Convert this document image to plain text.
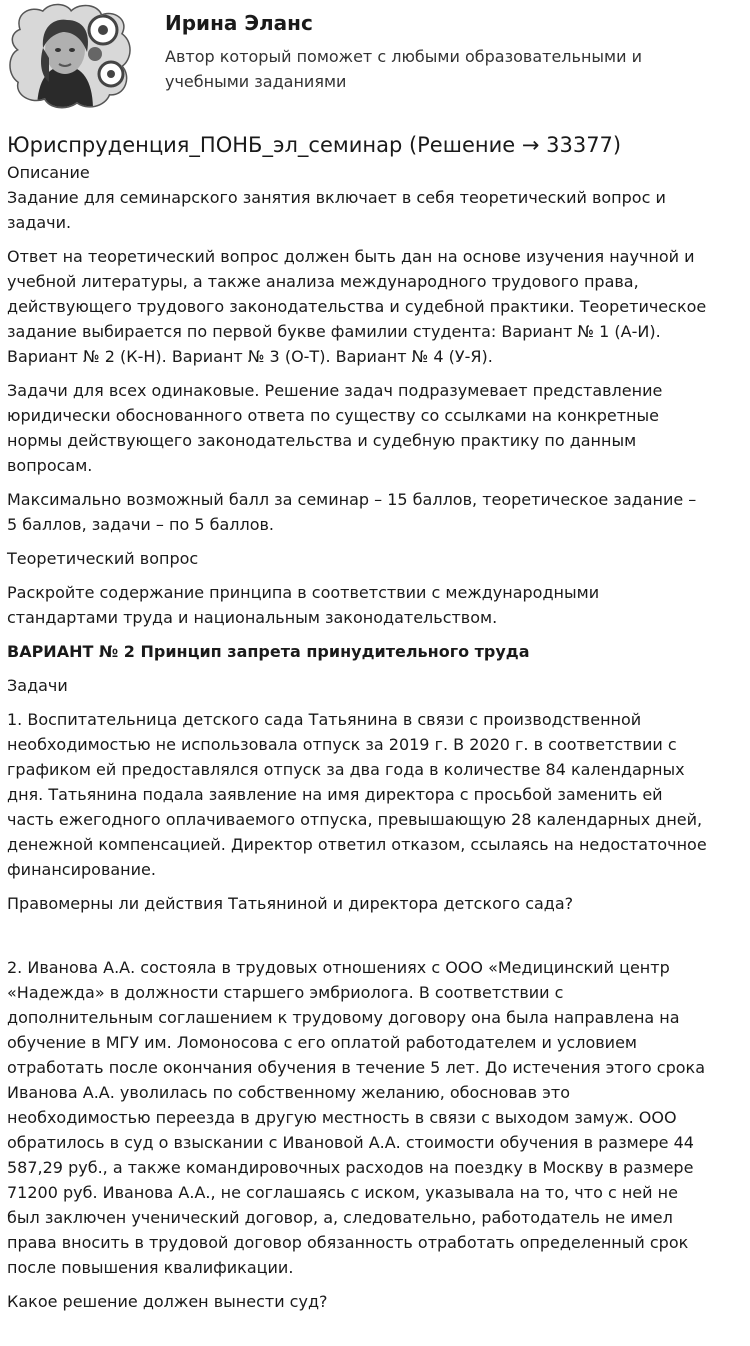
Ирина Эланс
Автор который поможет с любыми образовательными и
учебными заданиями
Юриспруденция_ПОНБ_эл_семинар (Решение → 33377)

Описание

Задание для семинарского занятия включает в себя теоретический вопрос и
задачи.

Ответ на теоретический вопрос должен быть дан на основе изучения научной и
учебной литературы, а также анализа международного трудового права,
действующего трудового законодательства и судебной практики. Теоретическое
задание выбирается по первой букве фамилии студента: Вариант № 1 (А-И).
Вариант № 2 (К-Н). Вариант № 3 (О-Т). Вариант № 4 (У-Я).

Задачи для всех одинаковые. Решение задач подразумевает представление
юридически обоснованного ответа по существу со ссылками на конкретные
нормы действующего законодательства и судебную практику по данным
вопросам.

Максимально возможный балл за семинар – 15 баллов, теоретическое задание –
5 баллов, задачи – по 5 баллов.

Теоретический вопрос

Раскройте содержание принципа в соответствии с международными
стандартами труда и национальным законодательством.

ВАРИАНТ № 2 Принцип запрета принудительного труда

Задачи

1. Воспитательница детского сада Татьянина в связи с производственной
необходимостью не использовала отпуск за 2019 г. В 2020 г. в соответствии с
графиком ей предоставлялся отпуск за два года в количестве 84 календарных
дня. Татьянина подала заявление на имя директора с просьбой заменить ей
часть ежегодного оплачиваемого отпуска, превышающую 28 календарных дней,
денежной компенсацией. Директор ответил отказом, ссылаясь на недостаточное
финансирование.

Правомерны ли действия Татьяниной и директора детского сада?

2. Иванова А.А. состояла в трудовых отношениях с ООО «Медицинский центр
«Надежда» в должности старшего эмбриолога. В соответствии с
дополнительным соглашением к трудовому договору она была направлена на
обучение в МГУ им. Ломоносова с его оплатой работодателем и условием
отработать после окончания обучения в течение 5 лет. До истечения этого срока
Иванова А.А. уволилась по собственному желанию, обосновав это
необходимостью переезда в другую местность в связи с выходом замуж. ООО
обратилось в суд о взыскании с Ивановой А.А. стоимости обучения в размере 44
587,29 руб., а также командировочных расходов на поездку в Москву в размере
71200 руб. Иванова А.А., не соглашаясь с иском, указывала на то, что с ней не
был заключен ученический договор, а, следовательно, работодатель не имел
права вносить в трудовой договор обязанность отработать определенный срок
после повышения квалификации.

Какое решение должен вынести суд?
